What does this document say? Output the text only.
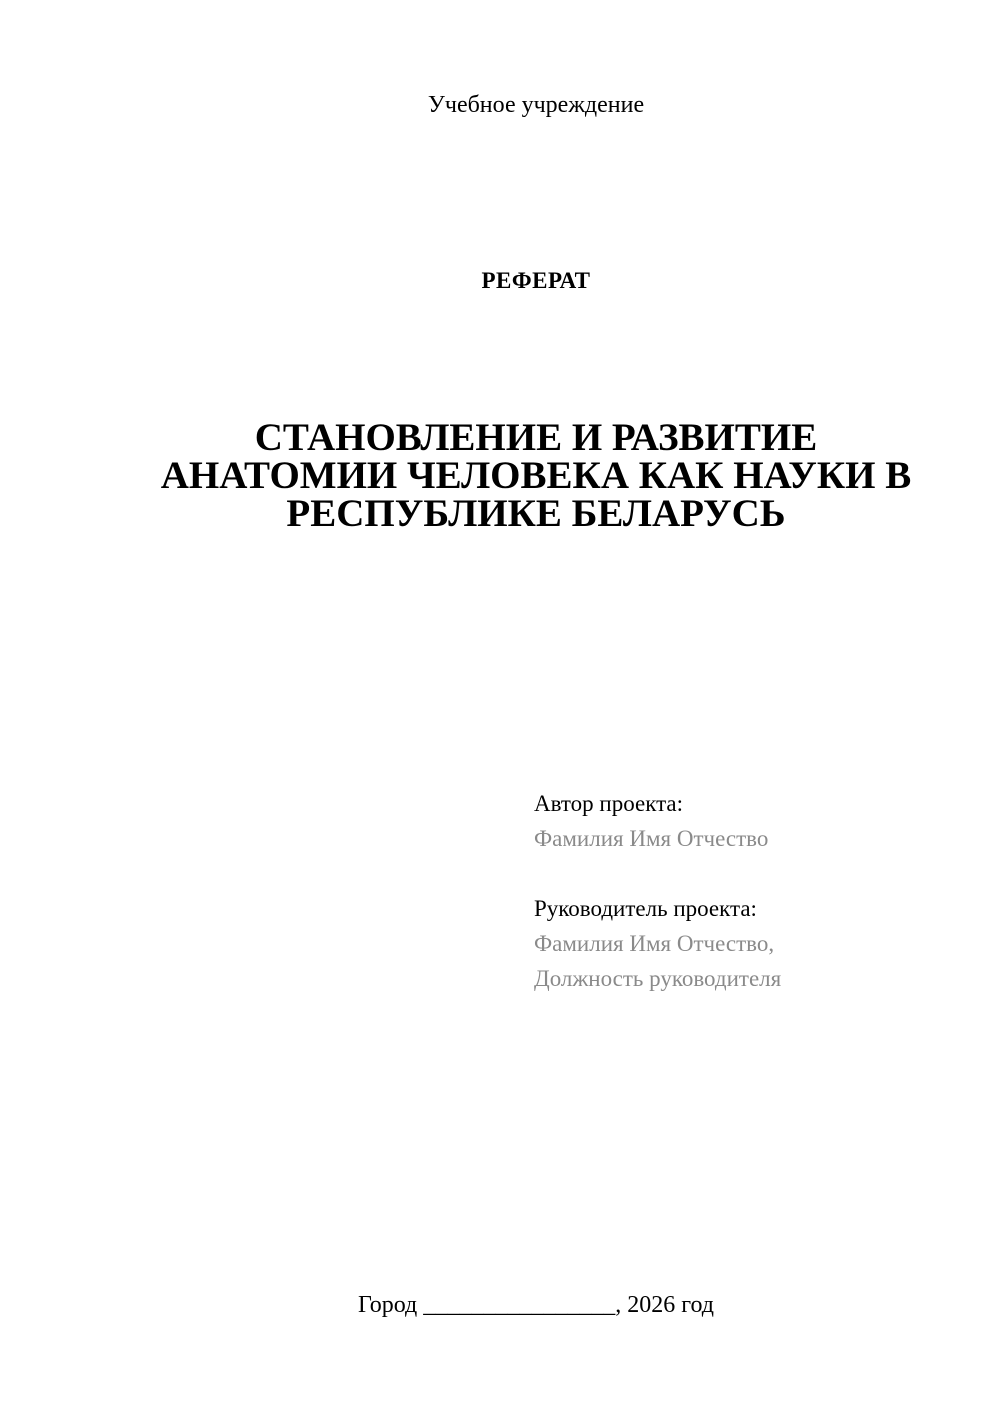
Учебное учреждение
РЕФЕРАТ
СТАНОВЛЕНИЕ И РАЗВИТИЕ
АНАТОМИИ ЧЕЛОВЕКА КАК НАУКИ В
РЕСПУБЛИКЕ БЕЛАРУСЬ
Автор проекта:
Фамилия Имя Отчество
Руководитель проекта:
Фамилия Имя Отчество,
Должность руководителя
Город ________________, 2026 год
